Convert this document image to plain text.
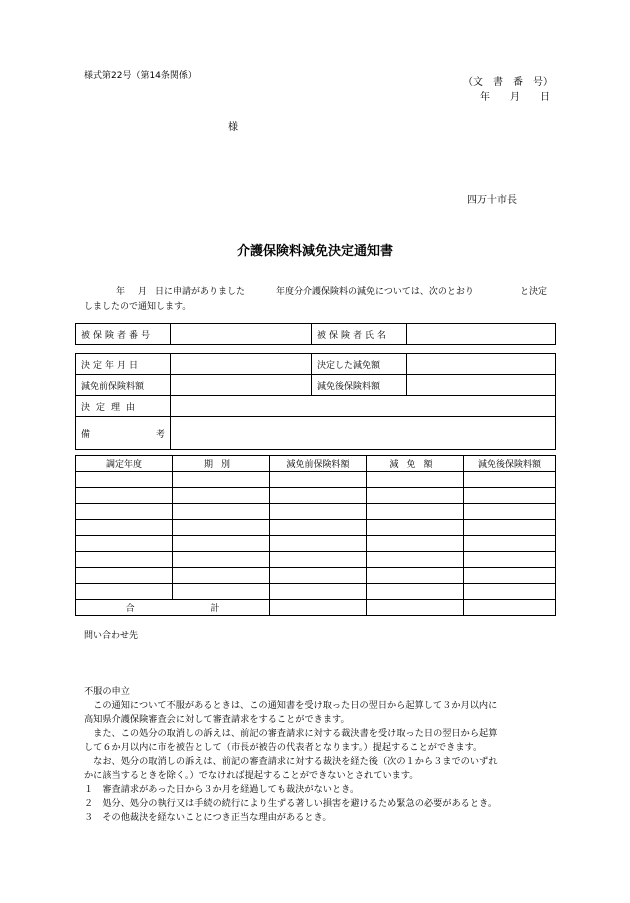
様式第22号（第14条関係）
（文　書　番　号）
年　　月　　日
様
四万十市長
介護保険料減免決定通知書
年 月 日に申請がありました	年度分介護保険料の減免については、次のとおり	と決定
しましたので通知します。
被保険者番号		被保険者氏名	
決定年月日		決定した減免額	
減免前保険料額		減免後保険料額	
決定理由			
備 考			

調定年度	期別	減免前保険料額	減免額	減免後保険料額

合 計				
問い合わせ先
不服の申立
　この通知について不服があるときは、この通知書を受け取った日の翌日から起算して３か月以内に
高知県介護保険審査会に対して審査請求をすることができます。
　また、この処分の取消しの訴えは、前記の審査請求に対する裁決書を受け取った日の翌日から起算
して６か月以内に市を被告として（市長が被告の代表者となります。）提起することができます。
　なお、処分の取消しの訴えは、前記の審査請求に対する裁決を経た後（次の１から３までのいずれ
かに該当するときを除く。）でなければ提起することができないとされています。
１　審査請求があった日から３か月を経過しても裁決がないとき。
２　処分、処分の執行又は手続の続行により生ずる著しい損害を避けるため緊急の必要があるとき。
３　その他裁決を経ないことにつき正当な理由があるとき。
